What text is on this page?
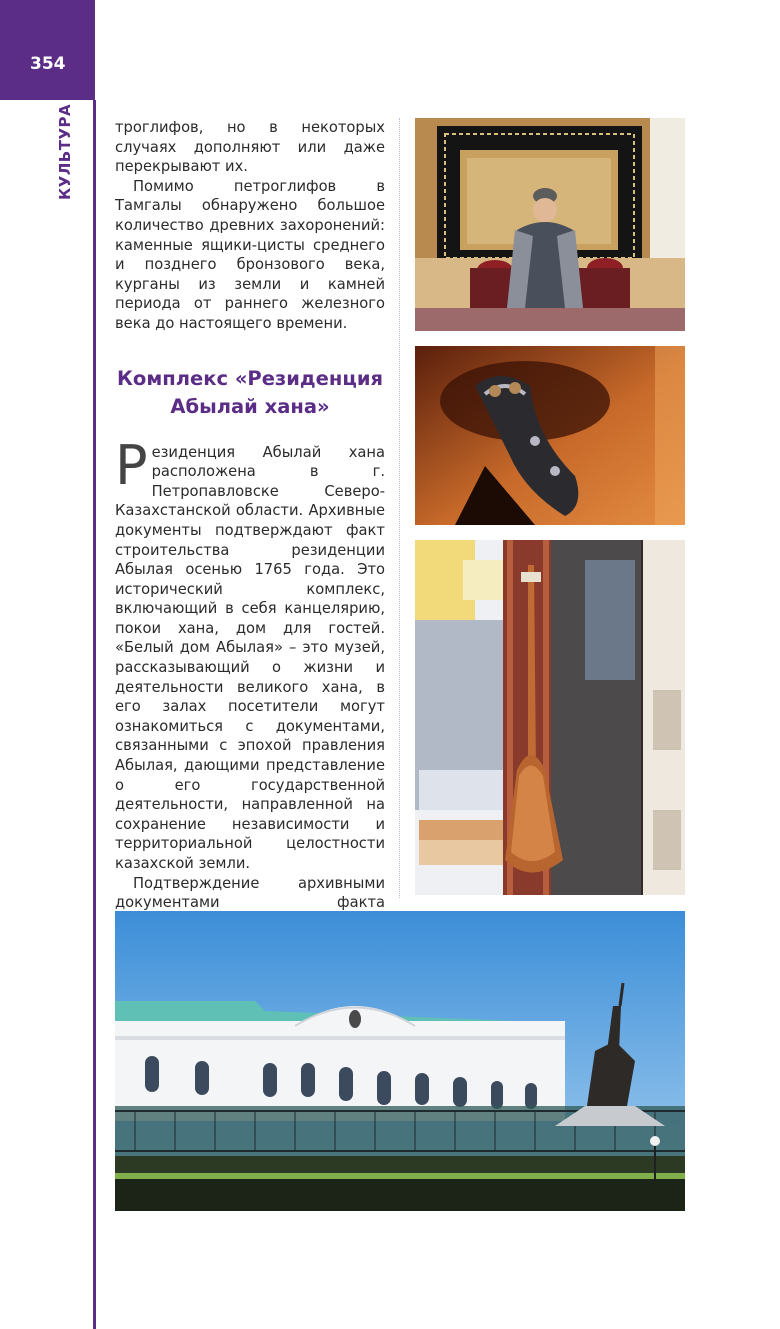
354
КУЛЬТУРА	троглифов, но в некоторых случаях дополняют или даже перекрывают их.

Помимо петроглифов в Тамгалы обнаружено большое количество древних захоронений: каменные ящики-цисты среднего и позднего бронзового века, курганы из земли и камней периода от раннего железного века до настоящего времени.

Комплекс «Резиденция
Абылай хана»

Резиденция Абылай хана расположена в г. Петропавловске Северо-Казахстанской области. Архивные документы подтверждают факт строительства резиденции Абылая осенью 1765 года. Это исторический комплекс, включающий в себя канцелярию, покои хана, дом для гостей. «Белый дом Абылая» – это музей, рассказывающий о жизни и деятельности великого хана, в его залах посетители могут ознакомиться с документами, связанными с эпохой правления Абылая, дающими представление о его государственной деятельности, направленной на сохранение независимости и территориальной целостности казахской земли.

Подтверждение архивными документами факта
